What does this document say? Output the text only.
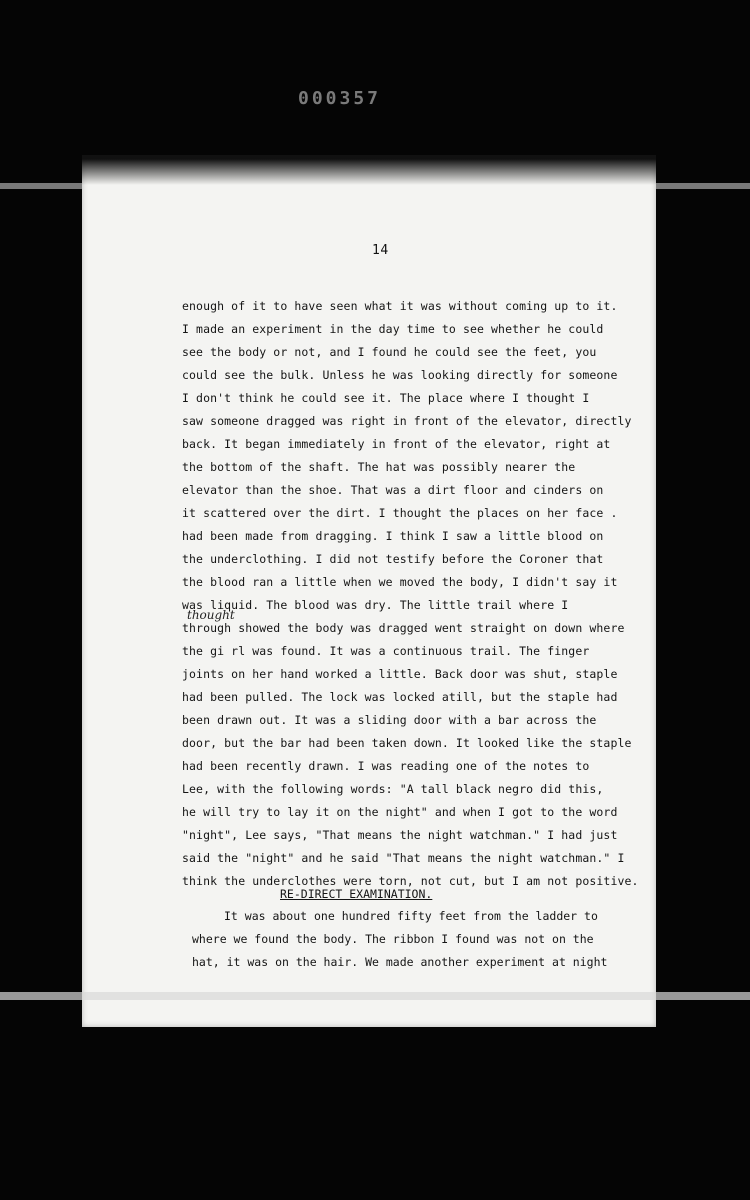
000357
14
enough of it to have seen what it was without coming up to it.
I made an experiment in the day time to see whether he could
see the body or not, and I found he could see the feet, you
could see the bulk. Unless he was looking directly for someone
I don't think he could see it. The place where I thought I
saw someone dragged was right in front of the elevator, directly
back. It began immediately in front of the elevator, right at
the bottom of the shaft. The hat was possibly nearer the
elevator than the shoe. That was a dirt floor and cinders on
it scattered over the dirt. I thought the places on her face .
had been made from dragging. I think I saw a little blood on
the underclothing. I did not testify before the Coroner that
the blood ran a little when we moved the body, I didn't say it
was liquid. The blood was dry. The little trail where I
through showed the body was dragged went straight on down where
the gi rl was found. It was a continuous trail. The finger
joints on her hand worked a little. Back door was shut, staple
had been pulled. The lock was locked atill, but the staple had
been drawn out. It was a sliding door with a bar across the
door, but the bar had been taken down. It looked like the staple
had been recently drawn. I was reading one of the notes to
Lee, with the following words: "A tall black negro did this,
he will try to lay it on the night" and when I got to the word
"night", Lee says, "That means the night watchman." I had just
said the "night" and he said "That means the night watchman." I
think the underclothes were torn, not cut, but I am not positive.
thought
RE-DIRECT EXAMINATION.
It was about one hundred fifty feet from the ladder to
where we found the body. The ribbon I found was not on the
hat, it was on the hair. We made another experiment at night
